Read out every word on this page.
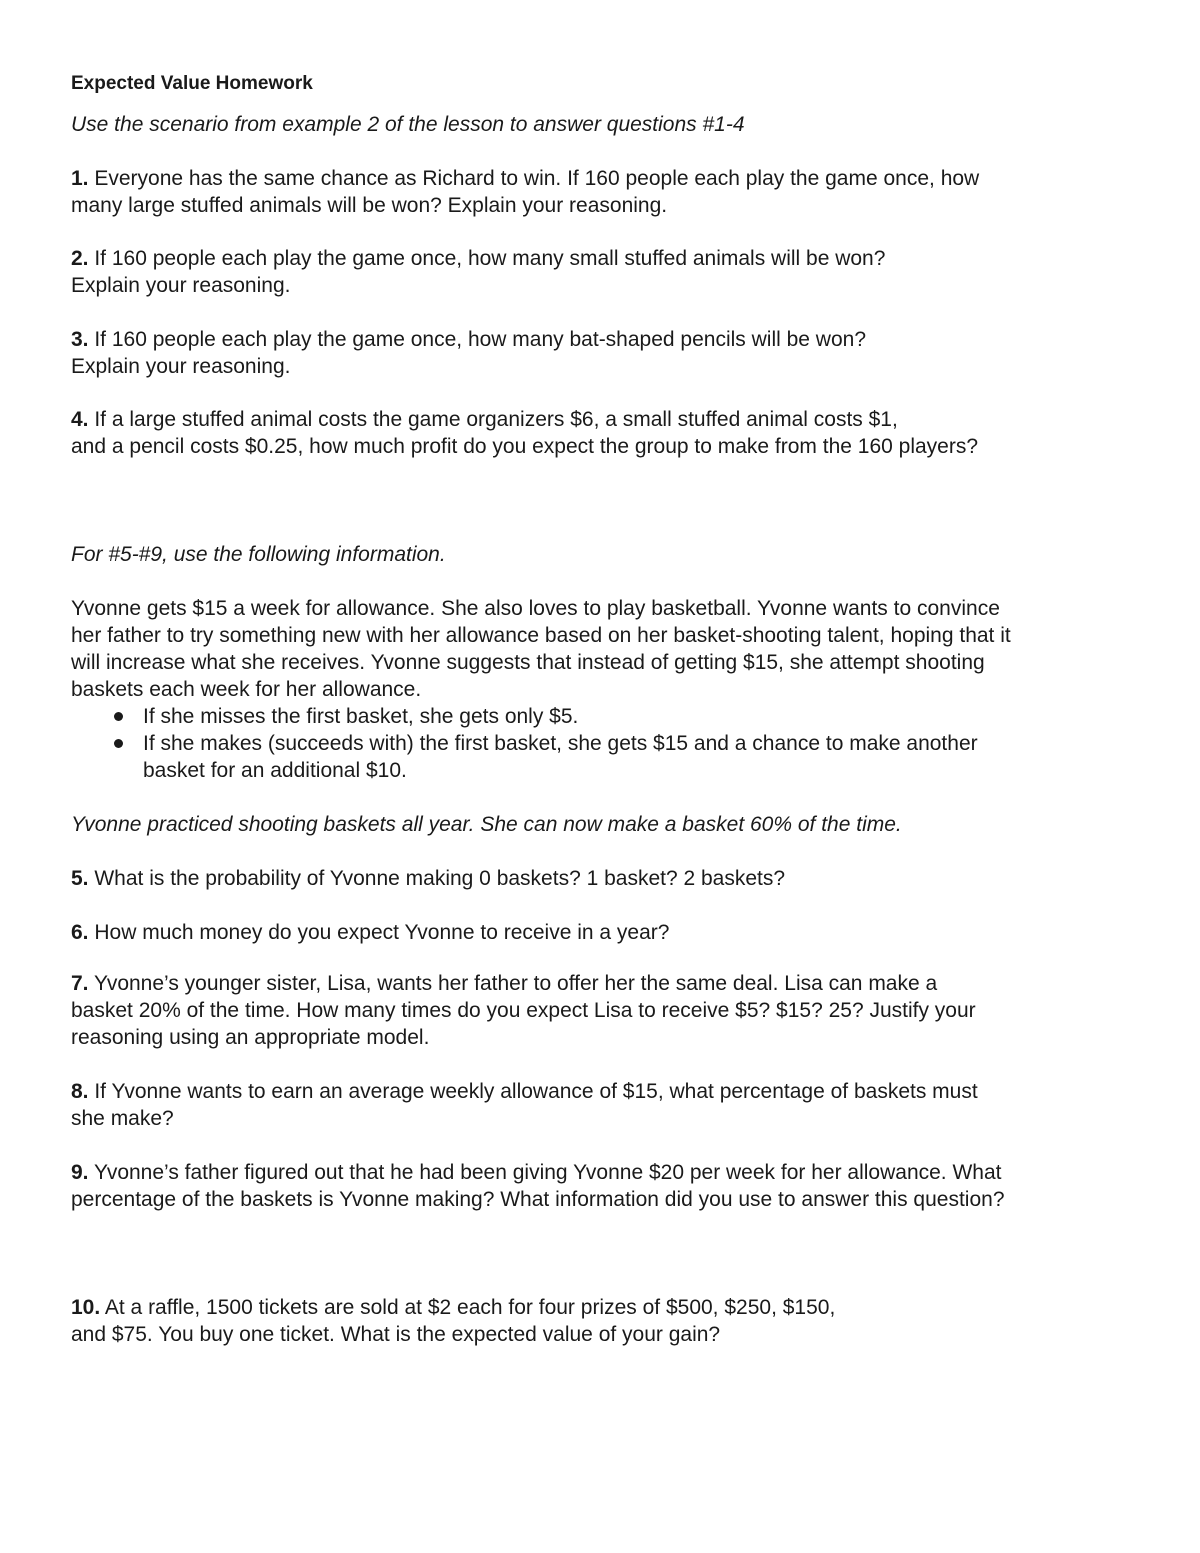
Expected Value Homework

Use the scenario from example 2 of the lesson to answer questions #1-4

1. Everyone has the same chance as Richard to win. If 160 people each play the game once, how
many large stuffed animals will be won? Explain your reasoning.
2. If 160 people each play the game once, how many small stuffed animals will be won?
Explain your reasoning.
3. If 160 people each play the game once, how many bat-shaped pencils will be won?
Explain your reasoning.
4. If a large stuffed animal costs the game organizers $6, a small stuffed animal costs $1,
and a pencil costs $0.25, how much profit do you expect the group to make from the 160 players?

For #5-#9, use the following information.

Yvonne gets $15 a week for allowance. She also loves to play basketball. Yvonne wants to convince
her father to try something new with her allowance based on her basket-shooting talent, hoping that it
will increase what she receives. Yvonne suggests that instead of getting $15, she attempt shooting
baskets each week for her allowance.
If she misses the first basket, she gets only $5.
If she makes (succeeds with) the first basket, she gets $15 and a chance to make another
basket for an additional $10.

Yvonne practiced shooting baskets all year. She can now make a basket 60% of the time.

5. What is the probability of Yvonne making 0 baskets? 1 basket? 2 baskets?
6. How much money do you expect Yvonne to receive in a year?
7. Yvonne’s younger sister, Lisa, wants her father to offer her the same deal. Lisa can make a
basket 20% of the time. How many times do you expect Lisa to receive $5? $15? 25? Justify your
reasoning using an appropriate model.
8. If Yvonne wants to earn an average weekly allowance of $15, what percentage of baskets must
she make?
9. Yvonne’s father figured out that he had been giving Yvonne $20 per week for her allowance. What
percentage of the baskets is Yvonne making? What information did you use to answer this question?
10. At a raffle, 1500 tickets are sold at $2 each for four prizes of $500, $250, $150,
and $75. You buy one ticket. What is the expected value of your gain?
